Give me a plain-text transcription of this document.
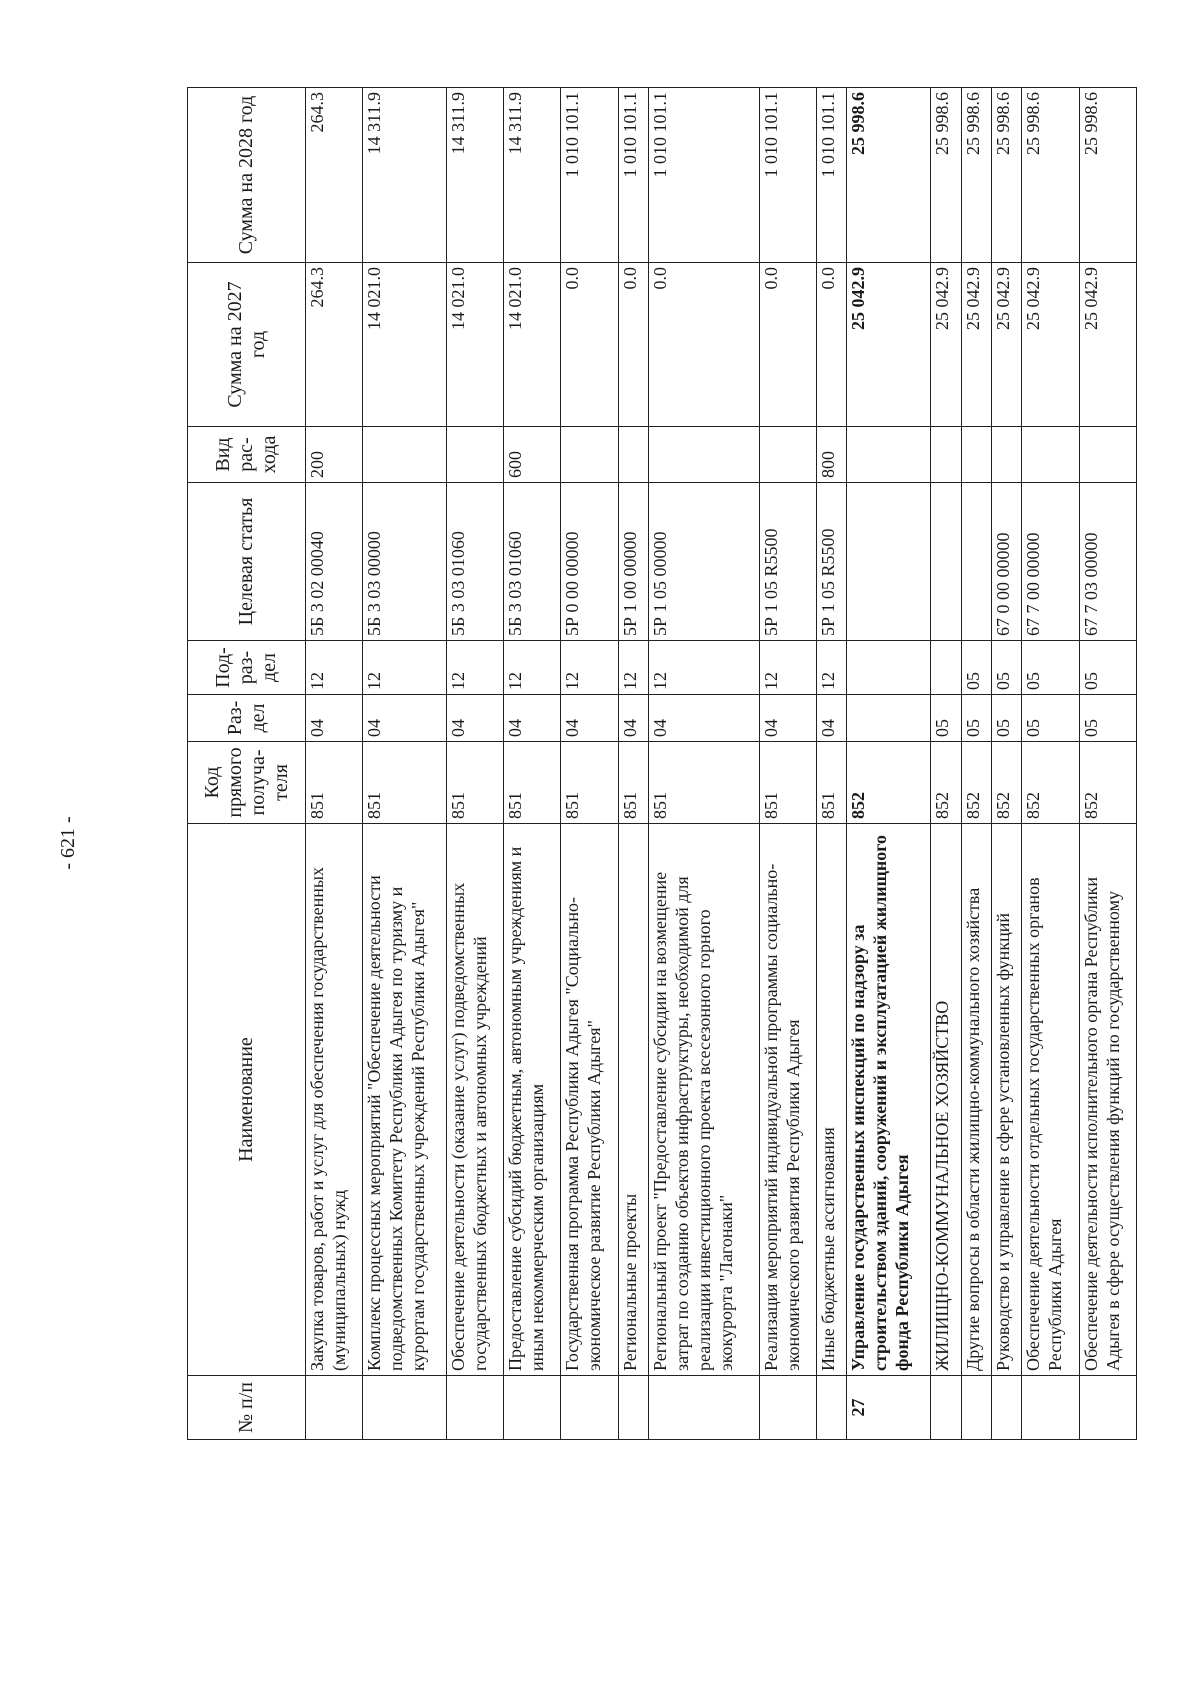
- 621 -
№ п/п	Наименование	Код прямого получа-теля	Раз-дел	Под-раз-дел	Целевая статья	Вид рас-хода	Сумма на 2027 год	Сумма на 2028 год
	Закупка товаров, работ и услуг для обеспечения государственных (муниципальных) нужд	851	04	12	5Б 3 02 00040	200	264.3	264.3
	Комплекс процессных мероприятий "Обеспечение деятельности подведомственных Комитету Республики Адыгея по туризму и курортам государственных учреждений Республики Адыгея"	851	04	12	5Б 3 03 00000		14 021.0	14 311.9
	Обеспечение деятельности (оказание услуг) подведомственных государственных бюджетных и автономных учреждений	851	04	12	5Б 3 03 01060		14 021.0	14 311.9
	Предоставление субсидий бюджетным, автономным учреждениям и иным некоммерческим организациям	851	04	12	5Б 3 03 01060	600	14 021.0	14 311.9
	Государственная программа Республики Адыгея "Социально-экономическое развитие Республики Адыгея"	851	04	12	5Р 0 00 00000		0.0	1 010 101.1
	Региональные проекты	851	04	12	5Р 1 00 00000		0.0	1 010 101.1
	Региональный проект "Предоставление субсидии на возмещение затрат по созданию объектов инфраструктуры, необходимой для реализации инвестиционного проекта всесезонного горного экокурорта "Лагонаки"	851	04	12	5Р 1 05 00000		0.0	1 010 101.1
	Реализация мероприятий индивидуальной программы социально-экономического развития Республики Адыгея	851	04	12	5Р 1 05 R5500		0.0	1 010 101.1
	Иные бюджетные ассигнования	851	04	12	5Р 1 05 R5500	800	0.0	1 010 101.1
27	Управление государственных инспекций по надзору за строительством зданий, сооружений и эксплуатацией жилищного фонда Республики Адыгея	852					25 042.9	25 998.6
	ЖИЛИЩНО-КОММУНАЛЬНОЕ ХОЗЯЙСТВО	852	05				25 042.9	25 998.6
	Другие вопросы в области жилищно-коммунального хозяйства	852	05	05			25 042.9	25 998.6
	Руководство и управление в сфере установленных функций	852	05	05	67 0 00 00000		25 042.9	25 998.6
	Обеспечение деятельности отдельных государственных органов Республики Адыгея	852	05	05	67 7 00 00000		25 042.9	25 998.6
	Обеспечение деятельности исполнительного органа Республики Адыгея в сфере осуществления функций по государственному	852	05	05	67 7 03 00000		25 042.9	25 998.6
